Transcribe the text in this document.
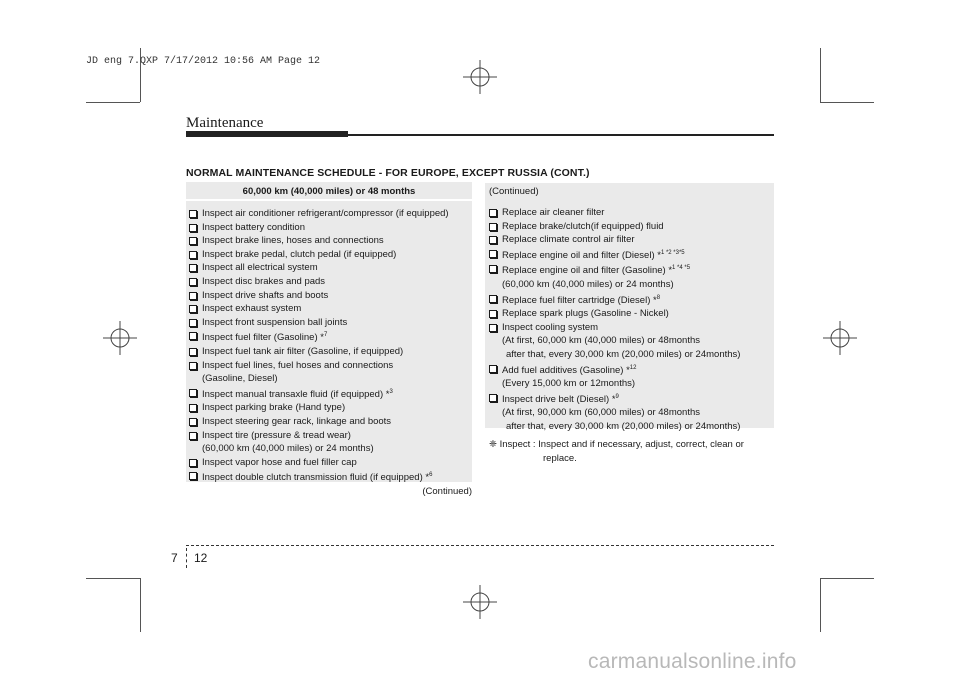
JD eng 7.QXP 7/17/2012 10:56 AM Page 12
Maintenance
NORMAL MAINTENANCE SCHEDULE - FOR EUROPE, EXCEPT RUSSIA (CONT.)
60,000 km (40,000 miles) or 48 months
Inspect air conditioner refrigerant/compressor (if equipped)
Inspect battery condition
Inspect brake lines, hoses and connections
Inspect brake pedal, clutch pedal (if equipped)
Inspect all electrical system
Inspect disc brakes and pads
Inspect drive shafts and boots
Inspect exhaust system
Inspect front suspension ball joints
Inspect fuel filter (Gasoline) *$^7$
Inspect fuel tank air filter (Gasoline, if equipped)
Inspect fuel lines, fuel hoses and connections
(Gasoline, Diesel)
Inspect manual transaxle fluid (if equipped) *$^3$
Inspect parking brake (Hand type)
Inspect steering gear rack, linkage and boots
Inspect tire (pressure & tread wear)
(60,000 km (40,000 miles) or 24 months)
Inspect vapor hose and fuel filler cap
Inspect double clutch transmission fluid (if equipped) *$^6$
(Continued)
(Continued)
Replace air cleaner filter
Replace brake/clutch(if equipped) fluid
Replace climate control air filter
Replace engine oil and filter (Diesel) *$^{1 *2 *3*5}$
Replace engine oil and filter (Gasoline) *$^{1 *4 *5}$
(60,000 km (40,000 miles) or 24 months)
Replace fuel filter cartridge (Diesel) *$^8$
Replace spark plugs (Gasoline - Nickel)
Inspect cooling system
(At first, 60,000 km (40,000 miles) or 48months
after that, every 30,000 km (20,000 miles) or 24months)
Add fuel additives (Gasoline) *$^{12}$
(Every 15,000 km or 12months)
Inspect drive belt (Diesel) *$^9$
(At first, 90,000 km (60,000 miles) or 48months
after that, every 30,000 km (20,000 miles) or 24months)
❈ Inspect : Inspect and if necessary, adjust, correct, clean or
replace.
7 12
carmanualsonline.info
